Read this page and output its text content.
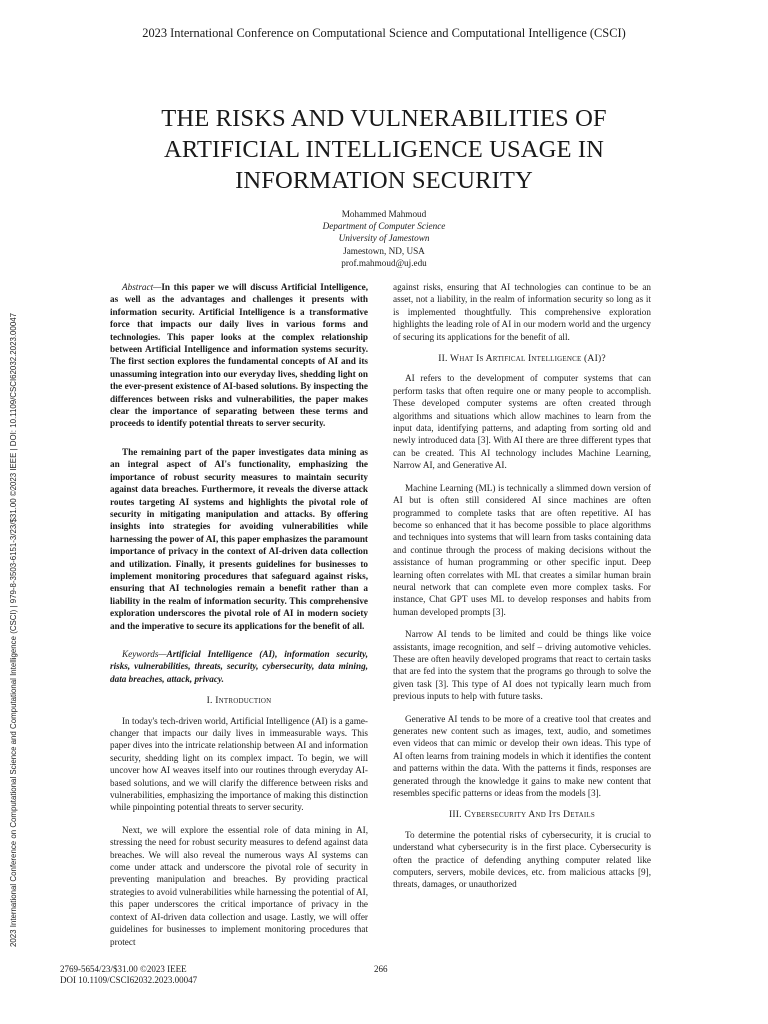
2023 International Conference on Computational Science and Computational Intelligence (CSCI)
2023 International Conference on Computational Science and Computational Intelligence (CSCI) | 979-8-3503-6151-3/23/$31.00 ©2023 IEEE | DOI: 10.1109/CSCI62032.2023.00047
THE RISKS AND VULNERABILITIES OF ARTIFICIAL INTELLIGENCE USAGE IN INFORMATION SECURITY
Mohammed Mahmoud
Department of Computer Science
University of Jamestown
Jamestown, ND, USA
prof.mahmoud@uj.edu

Abstract—In this paper we will discuss Artificial Intelligence, as well as the advantages and challenges it presents with information security. Artificial Intelligence is a transformative force that impacts our daily lives in various forms and technologies. This paper looks at the complex relationship between Artificial Intelligence and information systems security. The first section explores the fundamental concepts of AI and its unassuming integration into our everyday lives, shedding light on the ever-present existence of AI-based solutions. By inspecting the differences between risks and vulnerabilities, the paper makes clear the importance of separating between these terms and proceeds to identify potential threats to server security.

The remaining part of the paper investigates data mining as an integral aspect of AI's functionality, emphasizing the importance of robust security measures to maintain security against data breaches. Furthermore, it reveals the diverse attack routes targeting AI systems and highlights the pivotal role of security in mitigating manipulation and attacks. By offering insights into strategies for avoiding vulnerabilities while harnessing the power of AI, this paper emphasizes the paramount importance of privacy in the context of AI-driven data collection and utilization. Finally, it presents guidelines for businesses to implement monitoring procedures that safeguard against risks, ensuring that AI technologies remain a benefit rather than a liability in the realm of information security. This comprehensive exploration underscores the pivotal role of AI in modern society and the imperative to secure its applications for the benefit of all.

Keywords—Artificial Intelligence (AI), information security, risks, vulnerabilities, threats, security, cybersecurity, data mining, data breaches, attack, privacy.

I. Introduction

In today's tech-driven world, Artificial Intelligence (AI) is a game-changer that impacts our daily lives in immeasurable ways. This paper dives into the intricate relationship between AI and information security, shedding light on its complex impact. To begin, we will uncover how AI weaves itself into our routines through everyday AI-based solutions, and we will clarify the difference between risks and vulnerabilities, emphasizing the importance of making this distinction while pinpointing potential threats to server security.

Next, we will explore the essential role of data mining in AI, stressing the need for robust security measures to defend against data breaches. We will also reveal the numerous ways AI systems can come under attack and underscore the pivotal role of security in preventing manipulation and breaches. By providing practical strategies to avoid vulnerabilities while harnessing the potential of AI, this paper underscores the critical importance of privacy in the context of AI-driven data collection and usage. Lastly, we will offer guidelines for businesses to implement monitoring procedures that protect

against risks, ensuring that AI technologies can continue to be an asset, not a liability, in the realm of information security so long as it is implemented thoughtfully. This comprehensive exploration highlights the leading role of AI in our modern world and the urgency of securing its applications for the benefit of all.

II. What Is Artifical Intelligence (AI)?

AI refers to the development of computer systems that can perform tasks that often require one or many people to accomplish. These developed computer systems are often created through algorithms and situations which allow machines to learn from the input data, identifying patterns, and adapting from sorting old and newly introduced data [3]. With AI there are three different types that can be created. This AI technology includes Machine Learning, Narrow AI, and Generative AI.

Machine Learning (ML) is technically a slimmed down version of AI but is often still considered AI since machines are often programmed to complete tasks that are often repetitive. AI has become so enhanced that it has become possible to place algorithms and techniques into systems that will learn from tasks containing data and continue through the process of making decisions without the assistance of human programming or other specific input. Deep learning often correlates with ML that creates a similar human brain neural network that can complete even more complex tasks. For instance, Chat GPT uses ML to develop responses and habits from human developed prompts [3].

Narrow AI tends to be limited and could be things like voice assistants, image recognition, and self – driving automotive vehicles. These are often heavily developed programs that react to certain tasks that are fed into the system that the programs go through to solve the given task [3]. This type of AI does not typically learn much from previous inputs to help with future tasks.

Generative AI tends to be more of a creative tool that creates and generates new content such as images, text, audio, and sometimes even videos that can mimic or develop their own ideas. This type of AI often learns from training models in which it identifies the content and patterns within the data. With the patterns it finds, responses are generated through the knowledge it gains to make new content that resembles specific patterns or ideas from the models [3].

III. Cybersecurity And Its Details

To determine the potential risks of cybersecurity, it is crucial to understand what cybersecurity is in the first place. Cybersecurity is often the practice of defending anything computer related like computers, servers, mobile devices, etc. from malicious attacks [9], threats, damages, or unauthorized

2769-5654/23/$31.00 ©2023 IEEE
DOI 10.1109/CSCI62032.2023.00047
266
